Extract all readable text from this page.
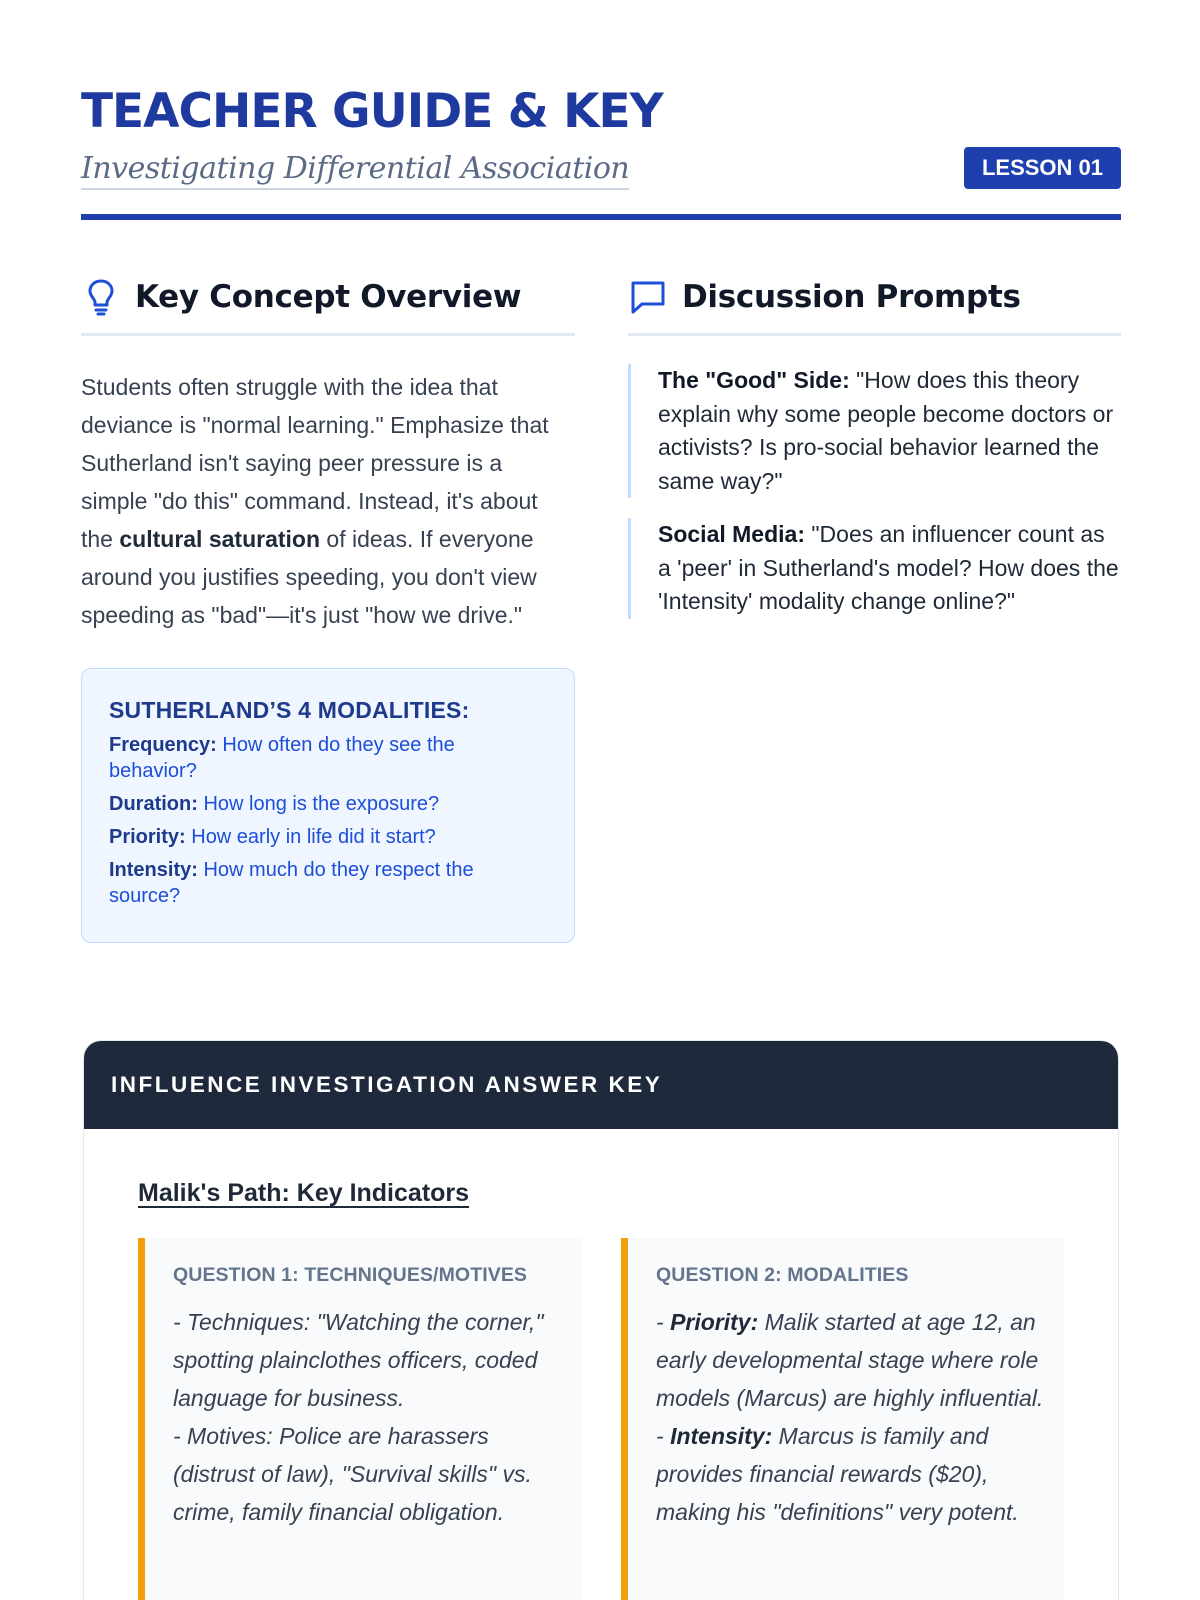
TEACHER GUIDE & KEY
Investigating Differential Association	LESSON 01
Key Concept Overview

Students often struggle with the idea that deviance is "normal learning." Emphasize that Sutherland isn't saying peer pressure is a simple "do this" command. Instead, it's about the cultural saturation of ideas. If everyone around you justifies speeding, you don't view speeding as "bad"—it's just "how we drive."

SUTHERLAND’S 4 MODALITIES:
Frequency: How often do they see the behavior?
Duration: How long is the exposure?
Priority: How early in life did it start?
Intensity: How much do they respect the source?
Discussion Prompts
The "Good" Side: "How does this theory explain why some people become doctors or activists? Is pro-social behavior learned the same way?"
Social Media: "Does an influencer count as a 'peer' in Sutherland's model? How does the 'Intensity' modality change online?"
INFLUENCE INVESTIGATION ANSWER KEY
Malik's Path: Key Indicators
QUESTION 1: TECHNIQUES/MOTIVES
- Techniques: "Watching the corner," spotting plainclothes officers, coded language for business.
- Motives: Police are harassers (distrust of law), "Survival skills" vs. crime, family financial obligation.
QUESTION 2: MODALITIES
- Priority: Malik started at age 12, an early developmental stage where role models (Marcus) are highly influential.
- Intensity: Marcus is family and provides financial rewards ($20), making his "definitions" very potent.
